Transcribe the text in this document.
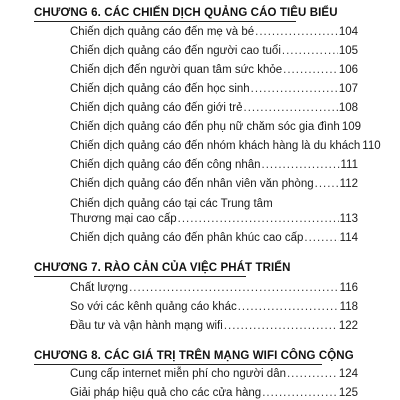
CHƯƠNG 6. CÁC CHIẾN DỊCH QUẢNG CÁO TIÊU BIỂU
Chiến dịch quảng cáo đến mẹ và bé .....	104
Chiến dịch quảng cáo đến người cao tuổi .....	105
Chiến dịch đến người quan tâm sức khỏe .....	106
Chiến dịch quảng cáo đến học sinh .....	107
Chiến dịch quảng cáo đến giới trẻ .....	108
Chiến dịch quảng cáo đến phụ nữ chăm sóc gia đình 109
Chiến dịch quảng cáo đến nhóm khách hàng là du khách 110
Chiến dịch quảng cáo đến công nhân .....	111
Chiến dịch quảng cáo đến nhân viên văn phòng ..... 112
Chiến dịch quảng cáo tại các Trung tâm
Thương mại cao cấp .....	113
Chiến dịch quảng cáo đến phân khúc cao cấp .....	114
CHƯƠNG 7. RÀO CẢN CỦA VIỆC PHÁT TRIỂN
Chất lượng .....	116
So với các kênh quảng cáo khác .....	118
Đầu tư và vận hành mạng wifi .....	122
CHƯƠNG 8. CÁC GIÁ TRỊ TRÊN MẠNG WIFI CÔNG CỘNG
Cung cấp internet miễn phí cho người dân .....	124
Giải pháp hiệu quả cho các cửa hàng .....	125
